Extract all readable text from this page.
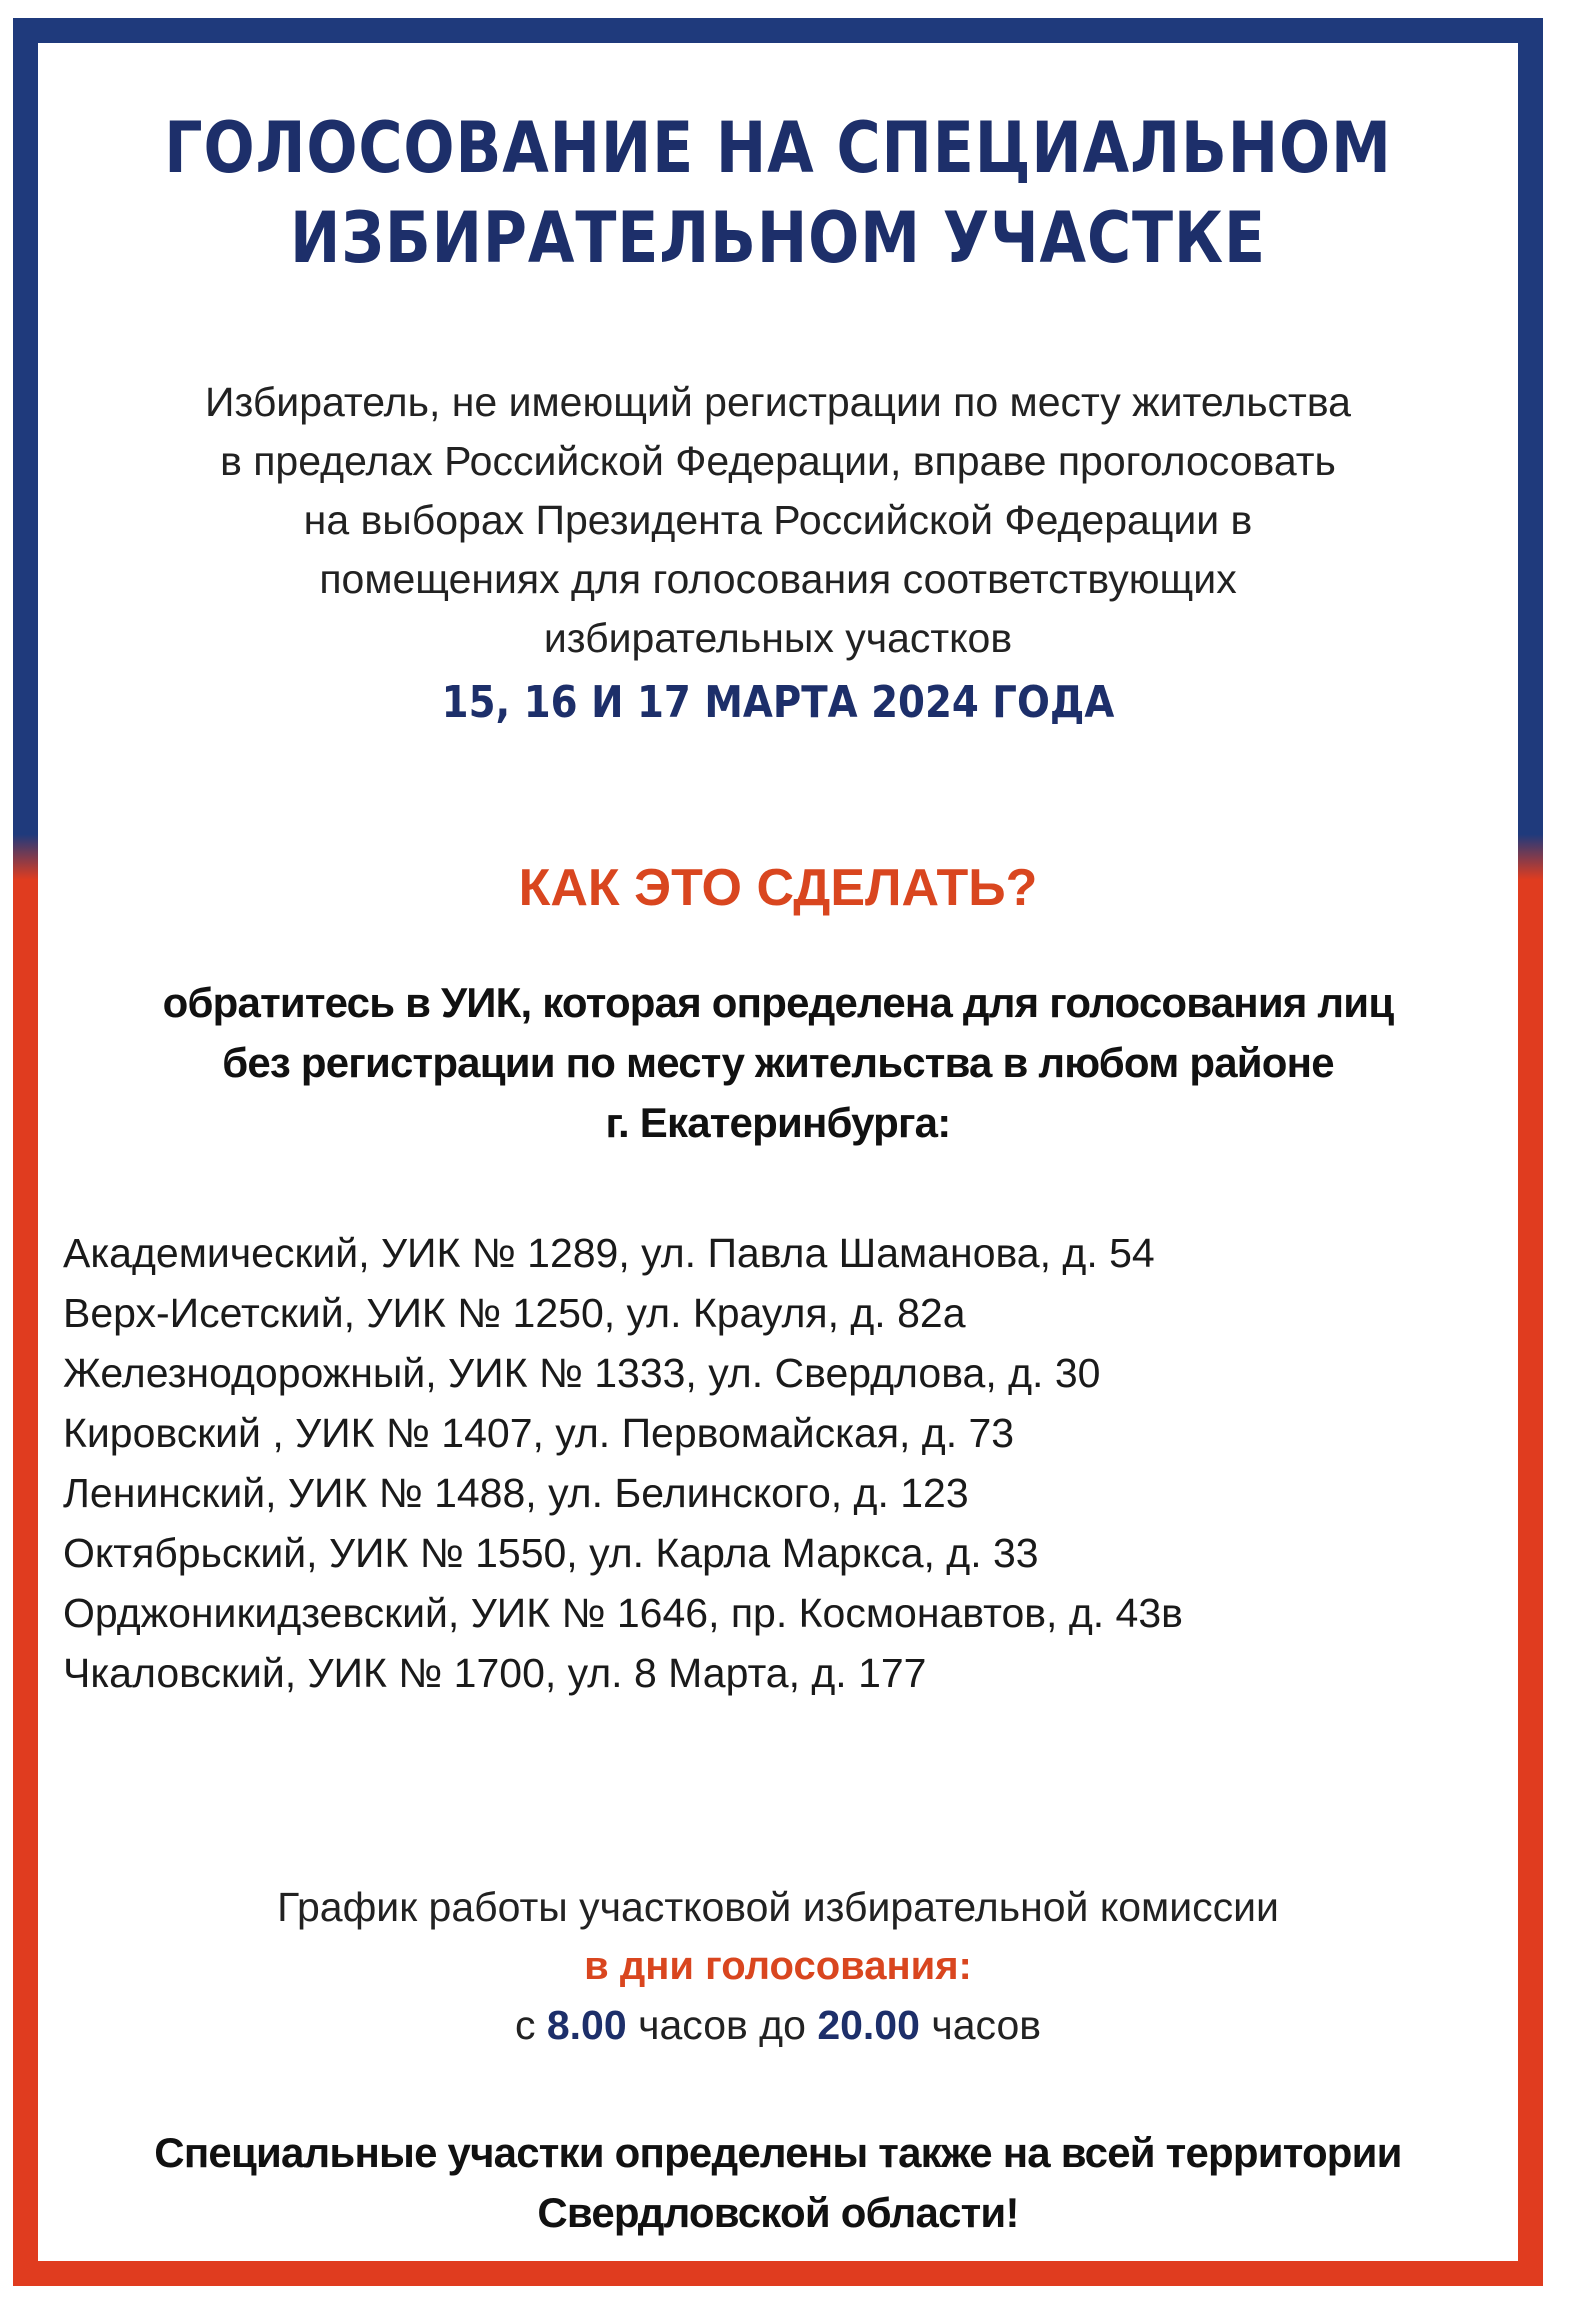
ГОЛОСОВАНИЕ НА СПЕЦИАЛЬНОМ
ИЗБИРАТЕЛЬНОМ УЧАСТКЕ
Избиратель, не имеющий регистрации по месту жительства
в пределах Российской Федерации, вправе проголосовать
на выборах Президента Российской Федерации в
помещениях для голосования соответствующих
избирательных участков
15, 16 И 17 МАРТА 2024 ГОДА
КАК ЭТО СДЕЛАТЬ?
обратитесь в УИК, которая определена для голосования лиц
без регистрации по месту жительства в любом районе
г. Екатеринбурга:
Академический, УИК № 1289, ул. Павла Шаманова, д. 54
Верх-Исетский, УИК № 1250, ул. Крауля, д. 82а
Железнодорожный, УИК № 1333, ул. Свердлова, д. 30
Кировский , УИК № 1407, ул. Первомайская, д. 73
Ленинский, УИК № 1488, ул. Белинского, д. 123
Октябрьский, УИК № 1550, ул. Карла Маркса, д. 33
Орджоникидзевский, УИК № 1646, пр. Космонавтов, д. 43в
Чкаловский, УИК № 1700, ул. 8 Марта, д. 177
График работы участковой избирательной комиссии
в дни голосования:
с 8.00 часов до 20.00 часов
Специальные участки определены также на всей территории
Свердловской области!
